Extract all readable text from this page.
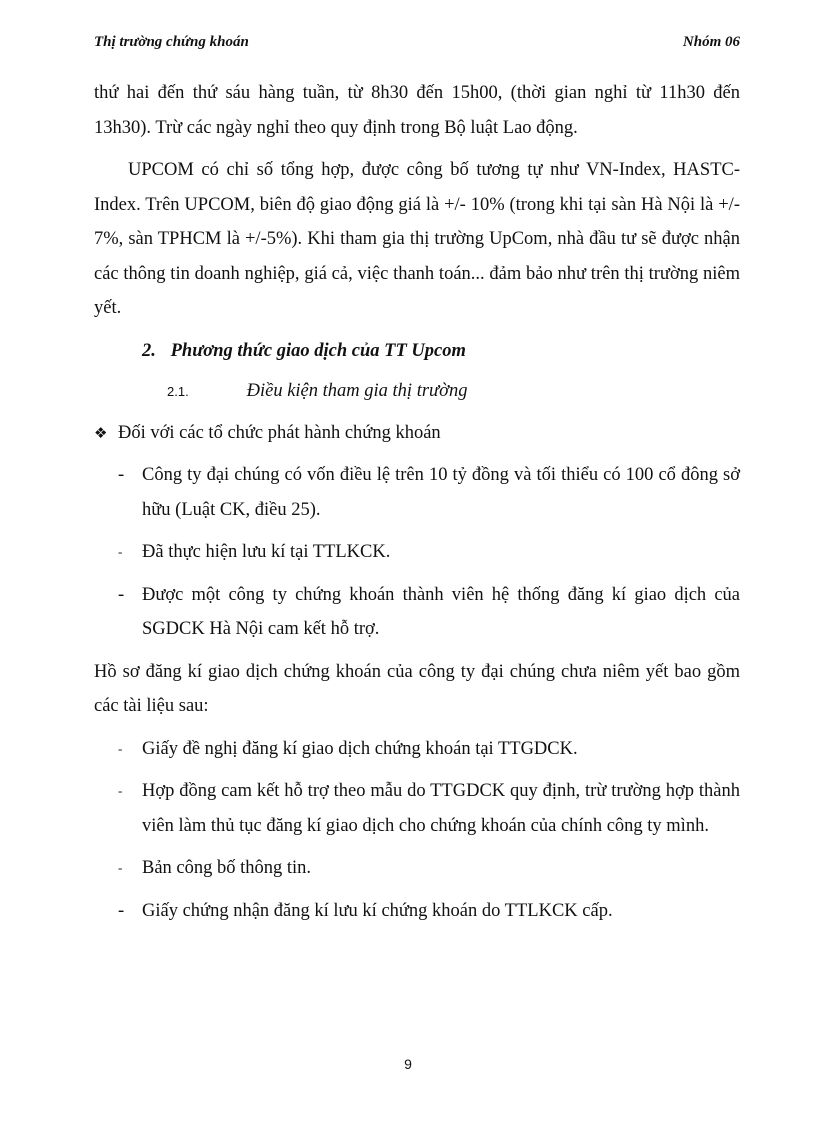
Thị trường chứng khoán	Nhóm 06

thứ hai đến thứ sáu hàng tuần, từ 8h30 đến 15h00, (thời gian nghỉ từ 11h30 đến 13h30). Trừ các ngày nghỉ theo quy định trong Bộ luật Lao động.

UPCOM có chỉ số tổng hợp, được công bố tương tự như VN-Index, HASTC-Index. Trên UPCOM, biên độ giao động giá là +/- 10% (trong khi tại sàn Hà Nội là +/- 7%, sàn TPHCM là +/-5%). Khi tham gia thị trường UpCom, nhà đầu tư sẽ được nhận các thông tin doanh nghiệp, giá cả, việc thanh toán... đảm bảo như trên thị trường niêm yết.

2. Phương thức giao dịch của TT Upcom
2.1.	Điều kiện tham gia thị trường
❖ Đối với các tổ chức phát hành chứng khoán
- Công ty đại chúng có vốn điều lệ trên 10 tỷ đồng và tối thiểu có 100 cổ đông sở hữu (Luật CK, điều 25).
- Đã thực hiện lưu kí tại TTLKCK.
- Được một công ty chứng khoán thành viên hệ thống đăng kí giao dịch của SGDCK Hà Nội cam kết hỗ trợ.

Hồ sơ đăng kí giao dịch chứng khoán của công ty đại chúng chưa niêm yết bao gồm các tài liệu sau:

- Giấy đề nghị đăng kí giao dịch chứng khoán tại TTGDCK.
- Hợp đồng cam kết hỗ trợ theo mẫu do TTGDCK quy định, trừ trường hợp thành viên làm thủ tục đăng kí giao dịch cho chứng khoán của chính công ty mình.
- Bản công bố thông tin.
- Giấy chứng nhận đăng kí lưu kí chứng khoán do TTLKCK cấp.
9
